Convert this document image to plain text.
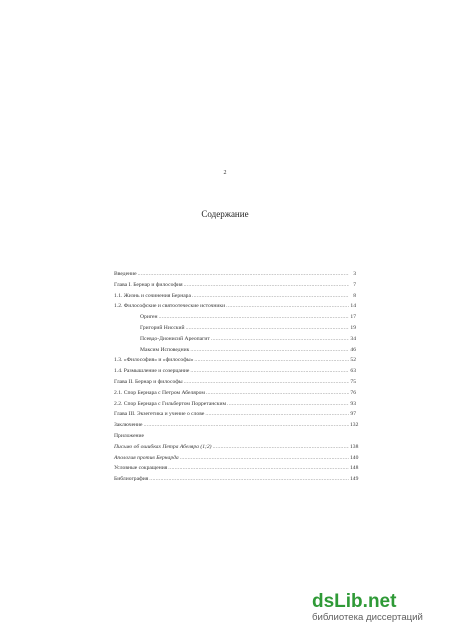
2
Содержание
Введение .....	3
Глава I. Бернар и философия .....	7
1.1. Жизнь и сочинения Бернара .....	8
1.2. Философские и святоотеческие источники .....	14
Ориген .....	17
Григорий Нисский .....	19
Псевдо-Дионисий Ареопагит .....	34
Максим Исповедник .....	46
1.3. «Философия» и «философы» .....	52
1.4. Размышление и созерцание .....	63
Глава II. Бернар и философы .....	75
2.1. Спор Бернара с Петром Абеляром .....	76
2.2. Спор Бернара с Гильбертом Порретанским .....	93
Глава III. Экзегетика и учение о слове .....	97
Заключение .....	132
Приложение
Письмо об ошибках Петра Абеляра (1;2) .....	138
Апология против Бернарда .....	140
Условные сокращения .....	148
Библиография .....	149
dsLib.net
библиотека диссертаций
